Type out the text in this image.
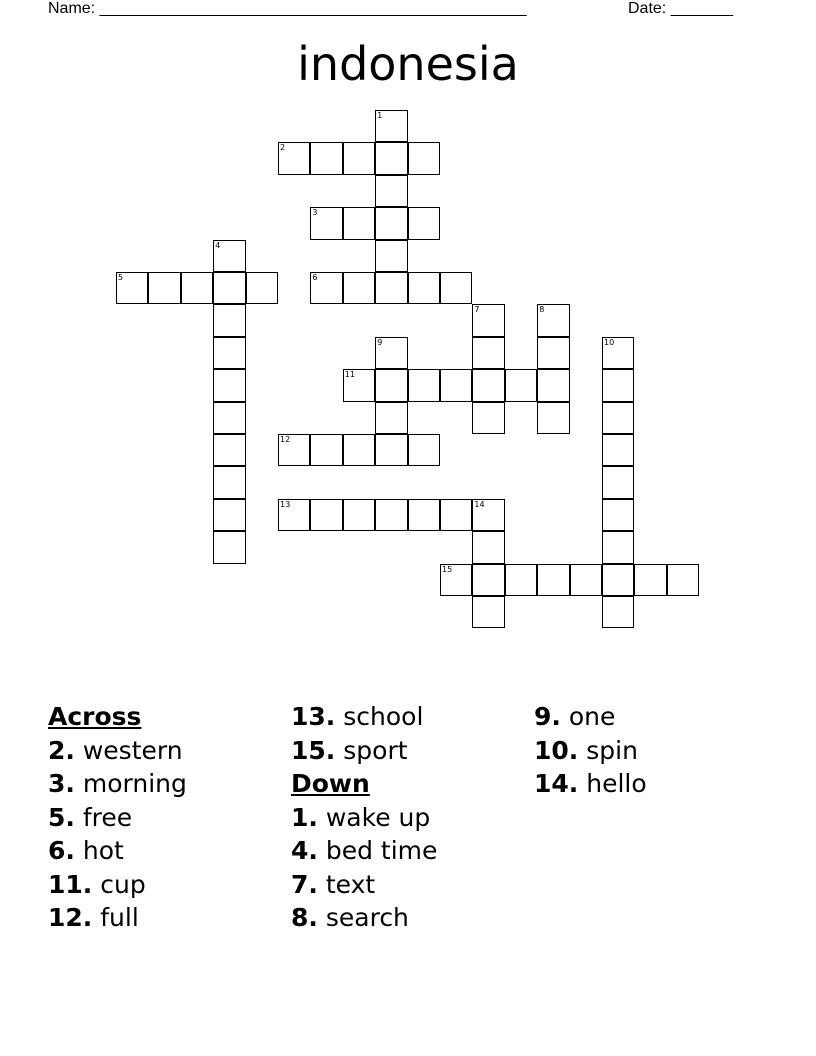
Name: ________________________________________________	Date: _______
indonesia
1
2
3
4
5	6
7	8
9	10
11
12
13	14
15
Across
2. western
3. morning
5. free
6. hot
11. cup
12. full
13. school
15. sport
Down
1. wake up
4. bed time
7. text
8. search
9. one
10. spin
14. hello
